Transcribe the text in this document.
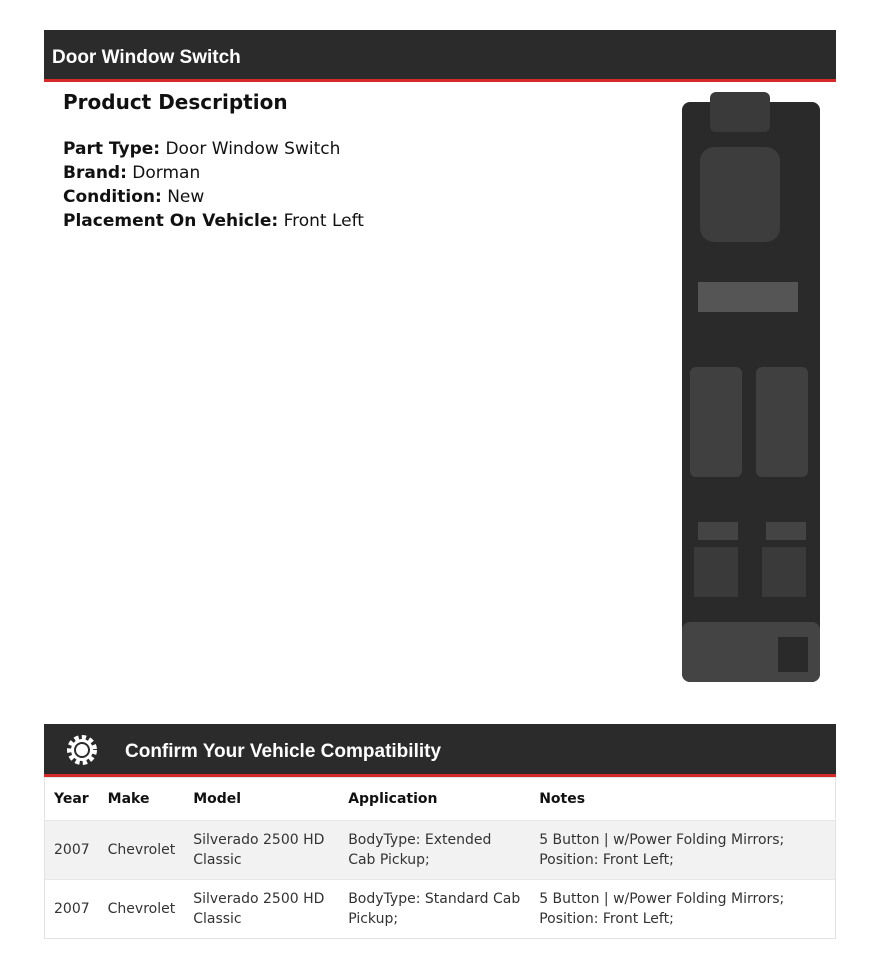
Door Window Switch
Product Description
Part Type: Door Window Switch
Brand: Dorman
Condition: New
Placement On Vehicle: Front Left
Confirm Your Vehicle Compatibility
Year	Make	Model	Application	Notes
2007	Chevrolet	Silverado 2500 HD Classic	BodyType: Extended Cab Pickup;	5 Button | w/Power Folding Mirrors; Position: Front Left;
2007	Chevrolet	Silverado 2500 HD Classic	BodyType: Standard Cab Pickup;	5 Button | w/Power Folding Mirrors; Position: Front Left;
